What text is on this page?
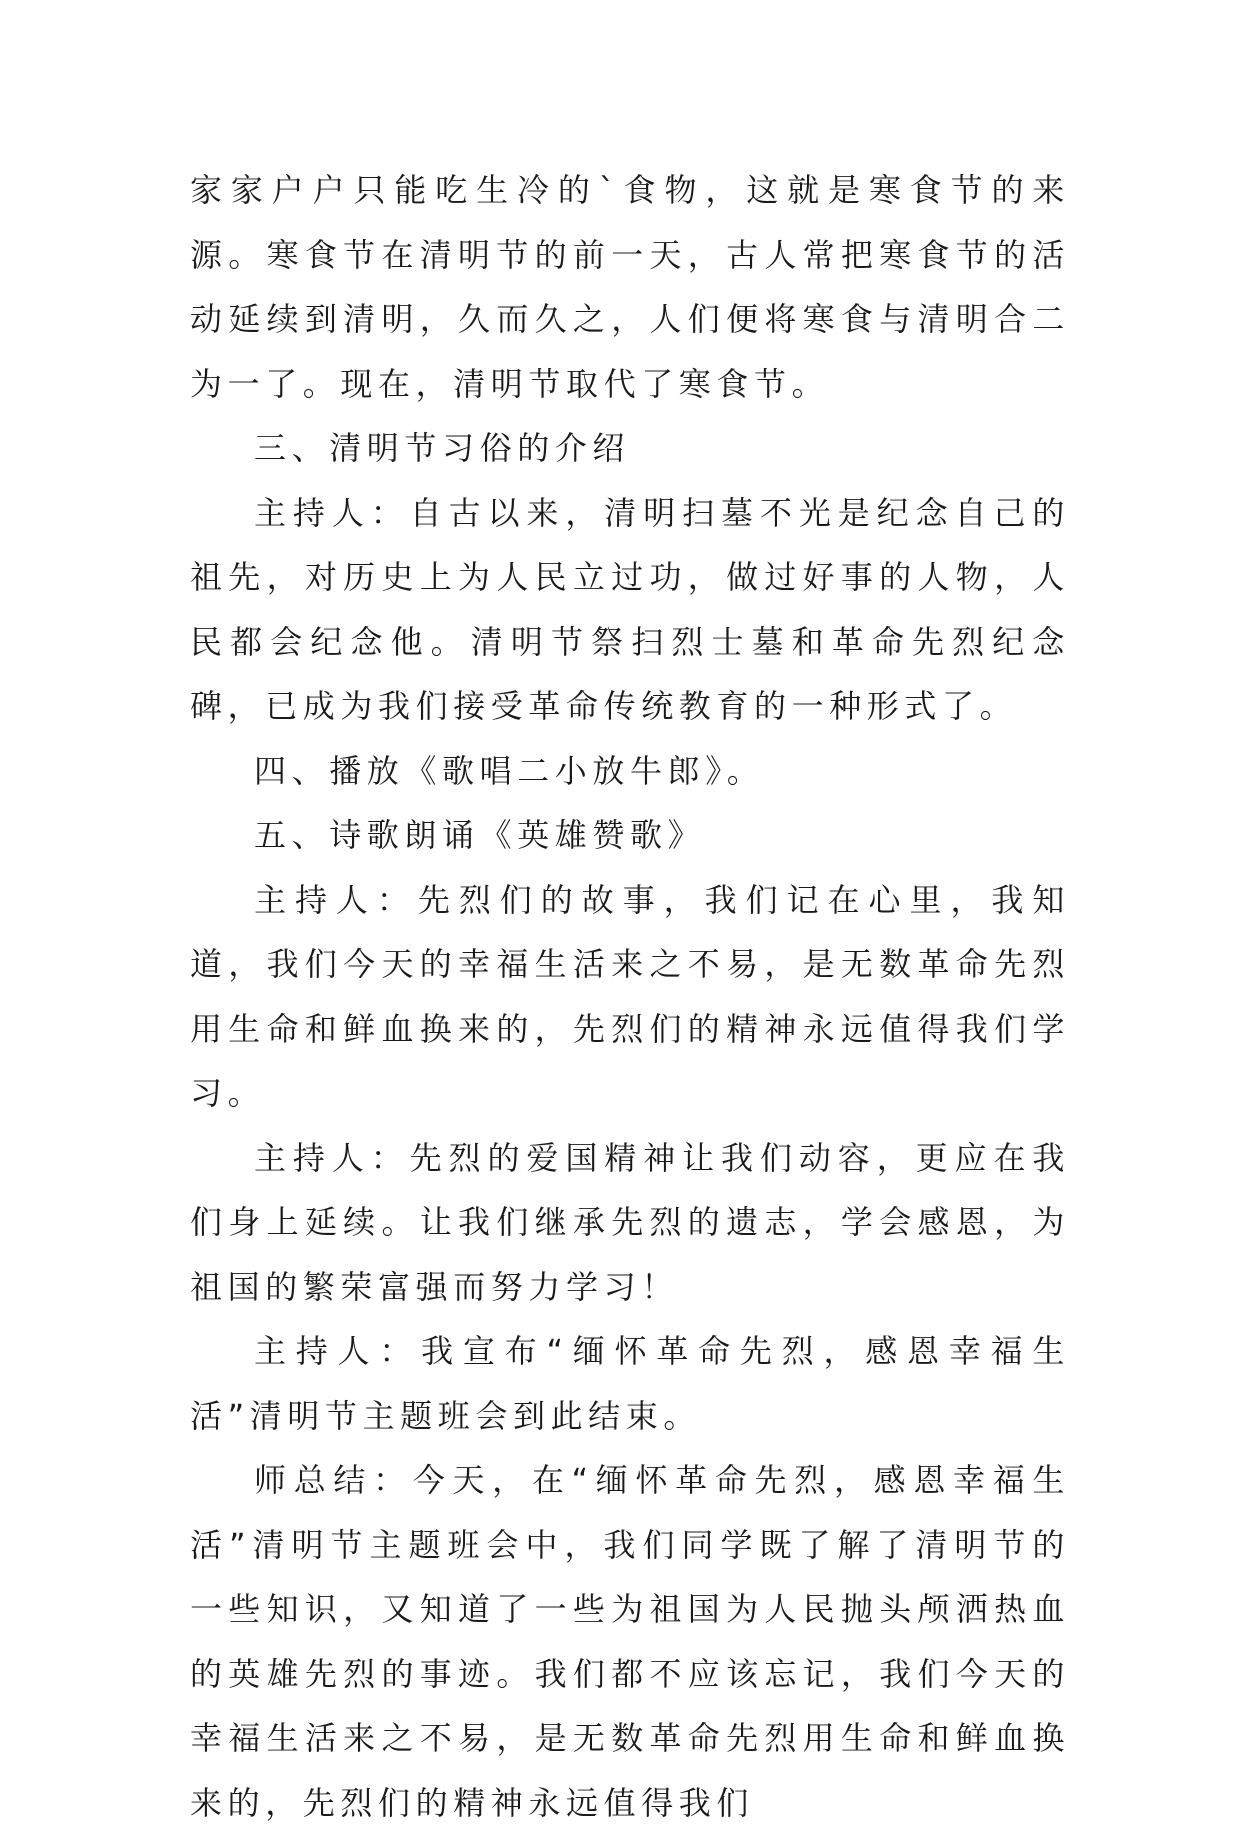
家家户户只能吃生冷的`食物，这就是寒食节的来源。寒食节在清明节的前一天，古人常把寒食节的活动延续到清明，久而久之，人们便将寒食与清明合二为一了。现在，清明节取代了寒食节。

三、清明节习俗的介绍

主持人：自古以来，清明扫墓不光是纪念自己的祖先，对历史上为人民立过功，做过好事的人物，人民都会纪念他。清明节祭扫烈士墓和革命先烈纪念碑，已成为我们接受革命传统教育的一种形式了。

四、播放《歌唱二小放牛郎》。

五、诗歌朗诵《英雄赞歌》

主持人：先烈们的故事，我们记在心里，我知道，我们今天的幸福生活来之不易，是无数革命先烈用生命和鲜血换来的，先烈们的精神永远值得我们学习。

主持人：先烈的爱国精神让我们动容，更应在我们身上延续。让我们继承先烈的遗志，学会感恩，为祖国的繁荣富强而努力学习！

主持人：我宣布“缅怀革命先烈，感恩幸福生活”清明节主题班会到此结束。

师总结：今天，在“缅怀革命先烈，感恩幸福生活”清明节主题班会中，我们同学既了解了清明节的一些知识，又知道了一些为祖国为人民抛头颅洒热血的英雄先烈的事迹。我们都不应该忘记，我们今天的幸福生活来之不易，是无数革命先烈用生命和鲜血换来的，先烈们的精神永远值得我们
